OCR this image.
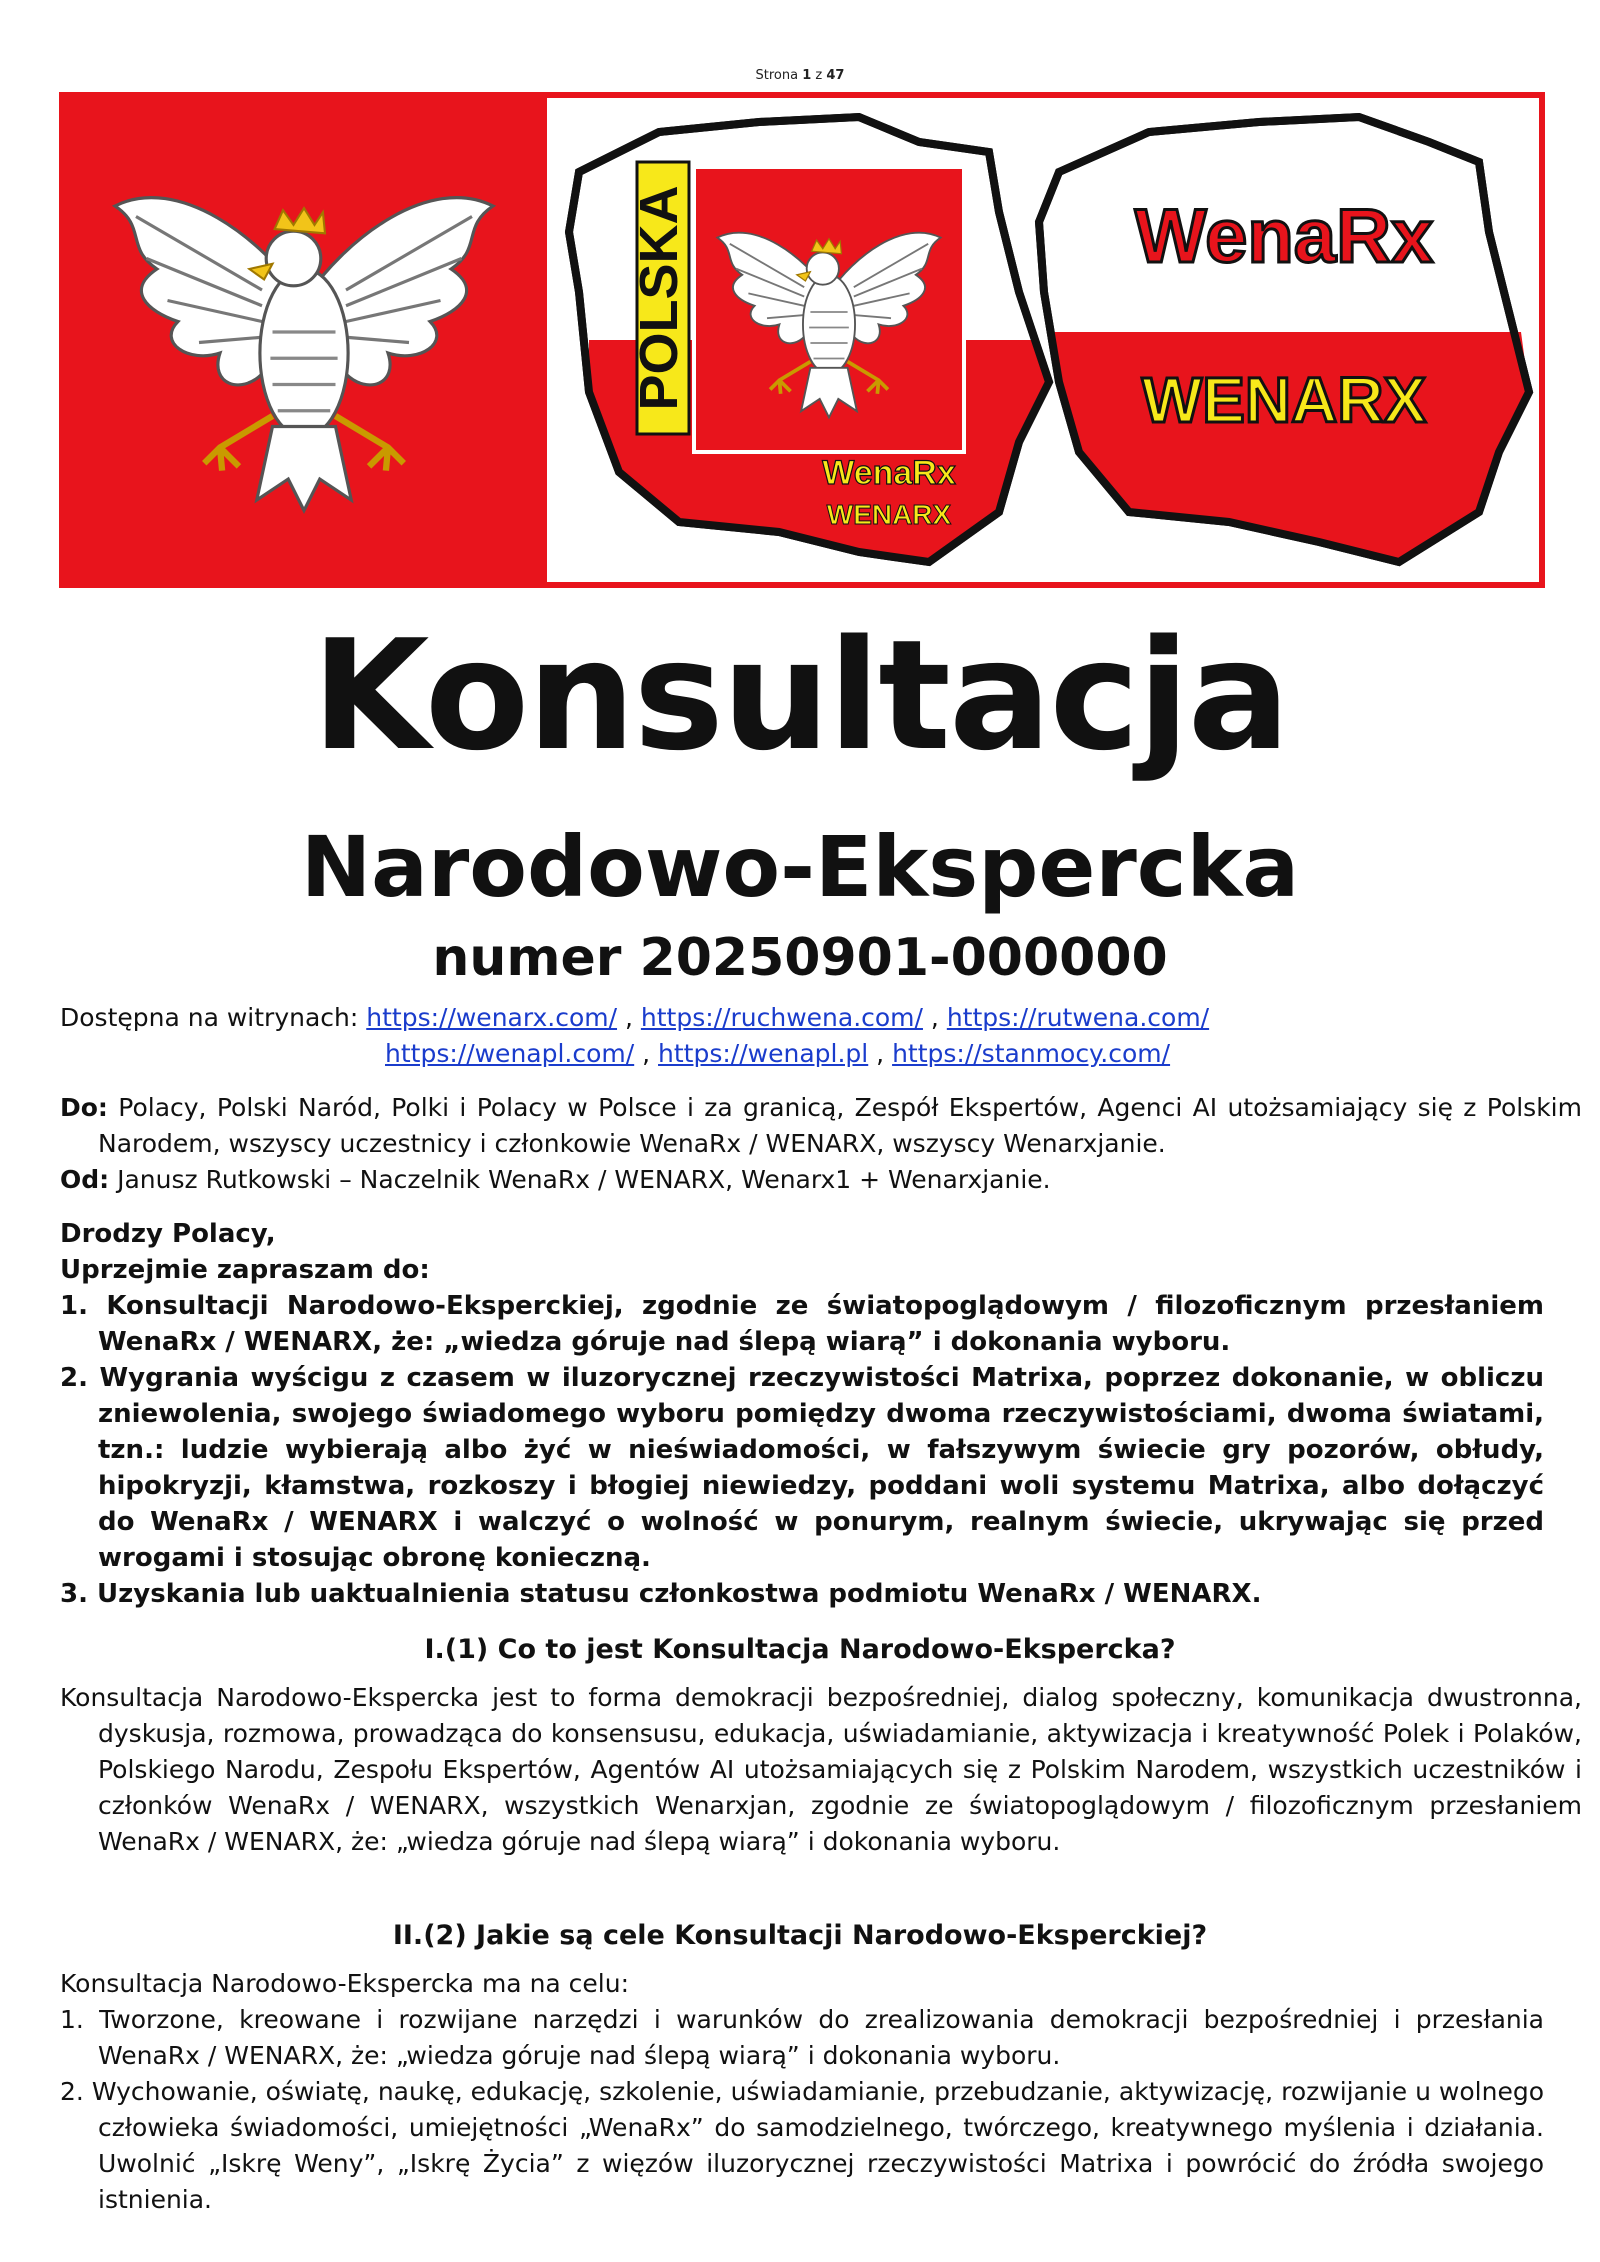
Strona 1 z 47
POLSKA
WenaRx
WENARX
WenaRx
WENARX
Konsultacja
Narodowo-Ekspercka
numer 20250901-000000
Dostępna na witrynach: https://wenarx.com/ , https://ruchwena.com/ , https://rutwena.com/
https://wenapl.com/ , https://wenapl.pl , https://stanmocy.com/
Do: Polacy, Polski Naród, Polki i Polacy w Polsce i za granicą, Zespół Ekspertów, Agenci AI utożsamiający się z Polskim Narodem, wszyscy uczestnicy i członkowie WenaRx / WENARX, wszyscy Wenarxjanie.
Od: Janusz Rutkowski – Naczelnik WenaRx / WENARX, Wenarx1 + Wenarxjanie.
Drodzy Polacy,
Uprzejmie zapraszam do:
1. Konsultacji Narodowo-Eksperckiej, zgodnie ze światopoglądowym / filozoficznym przesłaniem WenaRx / WENARX, że: „wiedza góruje nad ślepą wiarą” i dokonania wyboru.
2. Wygrania wyścigu z czasem w iluzorycznej rzeczywistości Matrixa, poprzez dokonanie, w obliczu zniewolenia, swojego świadomego wyboru pomiędzy dwoma rzeczywistościami, dwoma światami, tzn.: ludzie wybierają albo żyć w nieświadomości, w fałszywym świecie gry pozorów, obłudy, hipokryzji, kłamstwa, rozkoszy i błogiej niewiedzy, poddani woli systemu Matrixa, albo dołączyć do WenaRx / WENARX i walczyć o wolność w ponurym, realnym świecie, ukrywając się przed wrogami i stosując obronę konieczną.
3. Uzyskania lub uaktualnienia statusu członkostwa podmiotu WenaRx / WENARX.
I.(1) Co to jest Konsultacja Narodowo-Ekspercka?
Konsultacja Narodowo-Ekspercka jest to forma demokracji bezpośredniej, dialog społeczny, komunikacja dwustronna, dyskusja, rozmowa, prowadząca do konsensusu, edukacja, uświadamianie, aktywizacja i kreatywność Polek i Polaków, Polskiego Narodu, Zespołu Ekspertów, Agentów AI utożsamiających się z Polskim Narodem, wszystkich uczestników i członków WenaRx / WENARX, wszystkich Wenarxjan, zgodnie ze światopoglądowym / filozoficznym przesłaniem WenaRx / WENARX, że: „wiedza góruje nad ślepą wiarą” i dokonania wyboru.
II.(2) Jakie są cele Konsultacji Narodowo-Eksperckiej?
Konsultacja Narodowo-Ekspercka ma na celu:
1. Tworzone, kreowane i rozwijane narzędzi i warunków do zrealizowania demokracji bezpośredniej i przesłania WenaRx / WENARX, że: „wiedza góruje nad ślepą wiarą” i dokonania wyboru.
2. Wychowanie, oświatę, naukę, edukację, szkolenie, uświadamianie, przebudzanie, aktywizację, rozwijanie u wolnego człowieka świadomości, umiejętności „WenaRx” do samodzielnego, twórczego, kreatywnego myślenia i działania. Uwolnić „Iskrę Weny”, „Iskrę Życia” z więzów iluzorycznej rzeczywistości Matrixa i powrócić do źródła swojego istnienia.
